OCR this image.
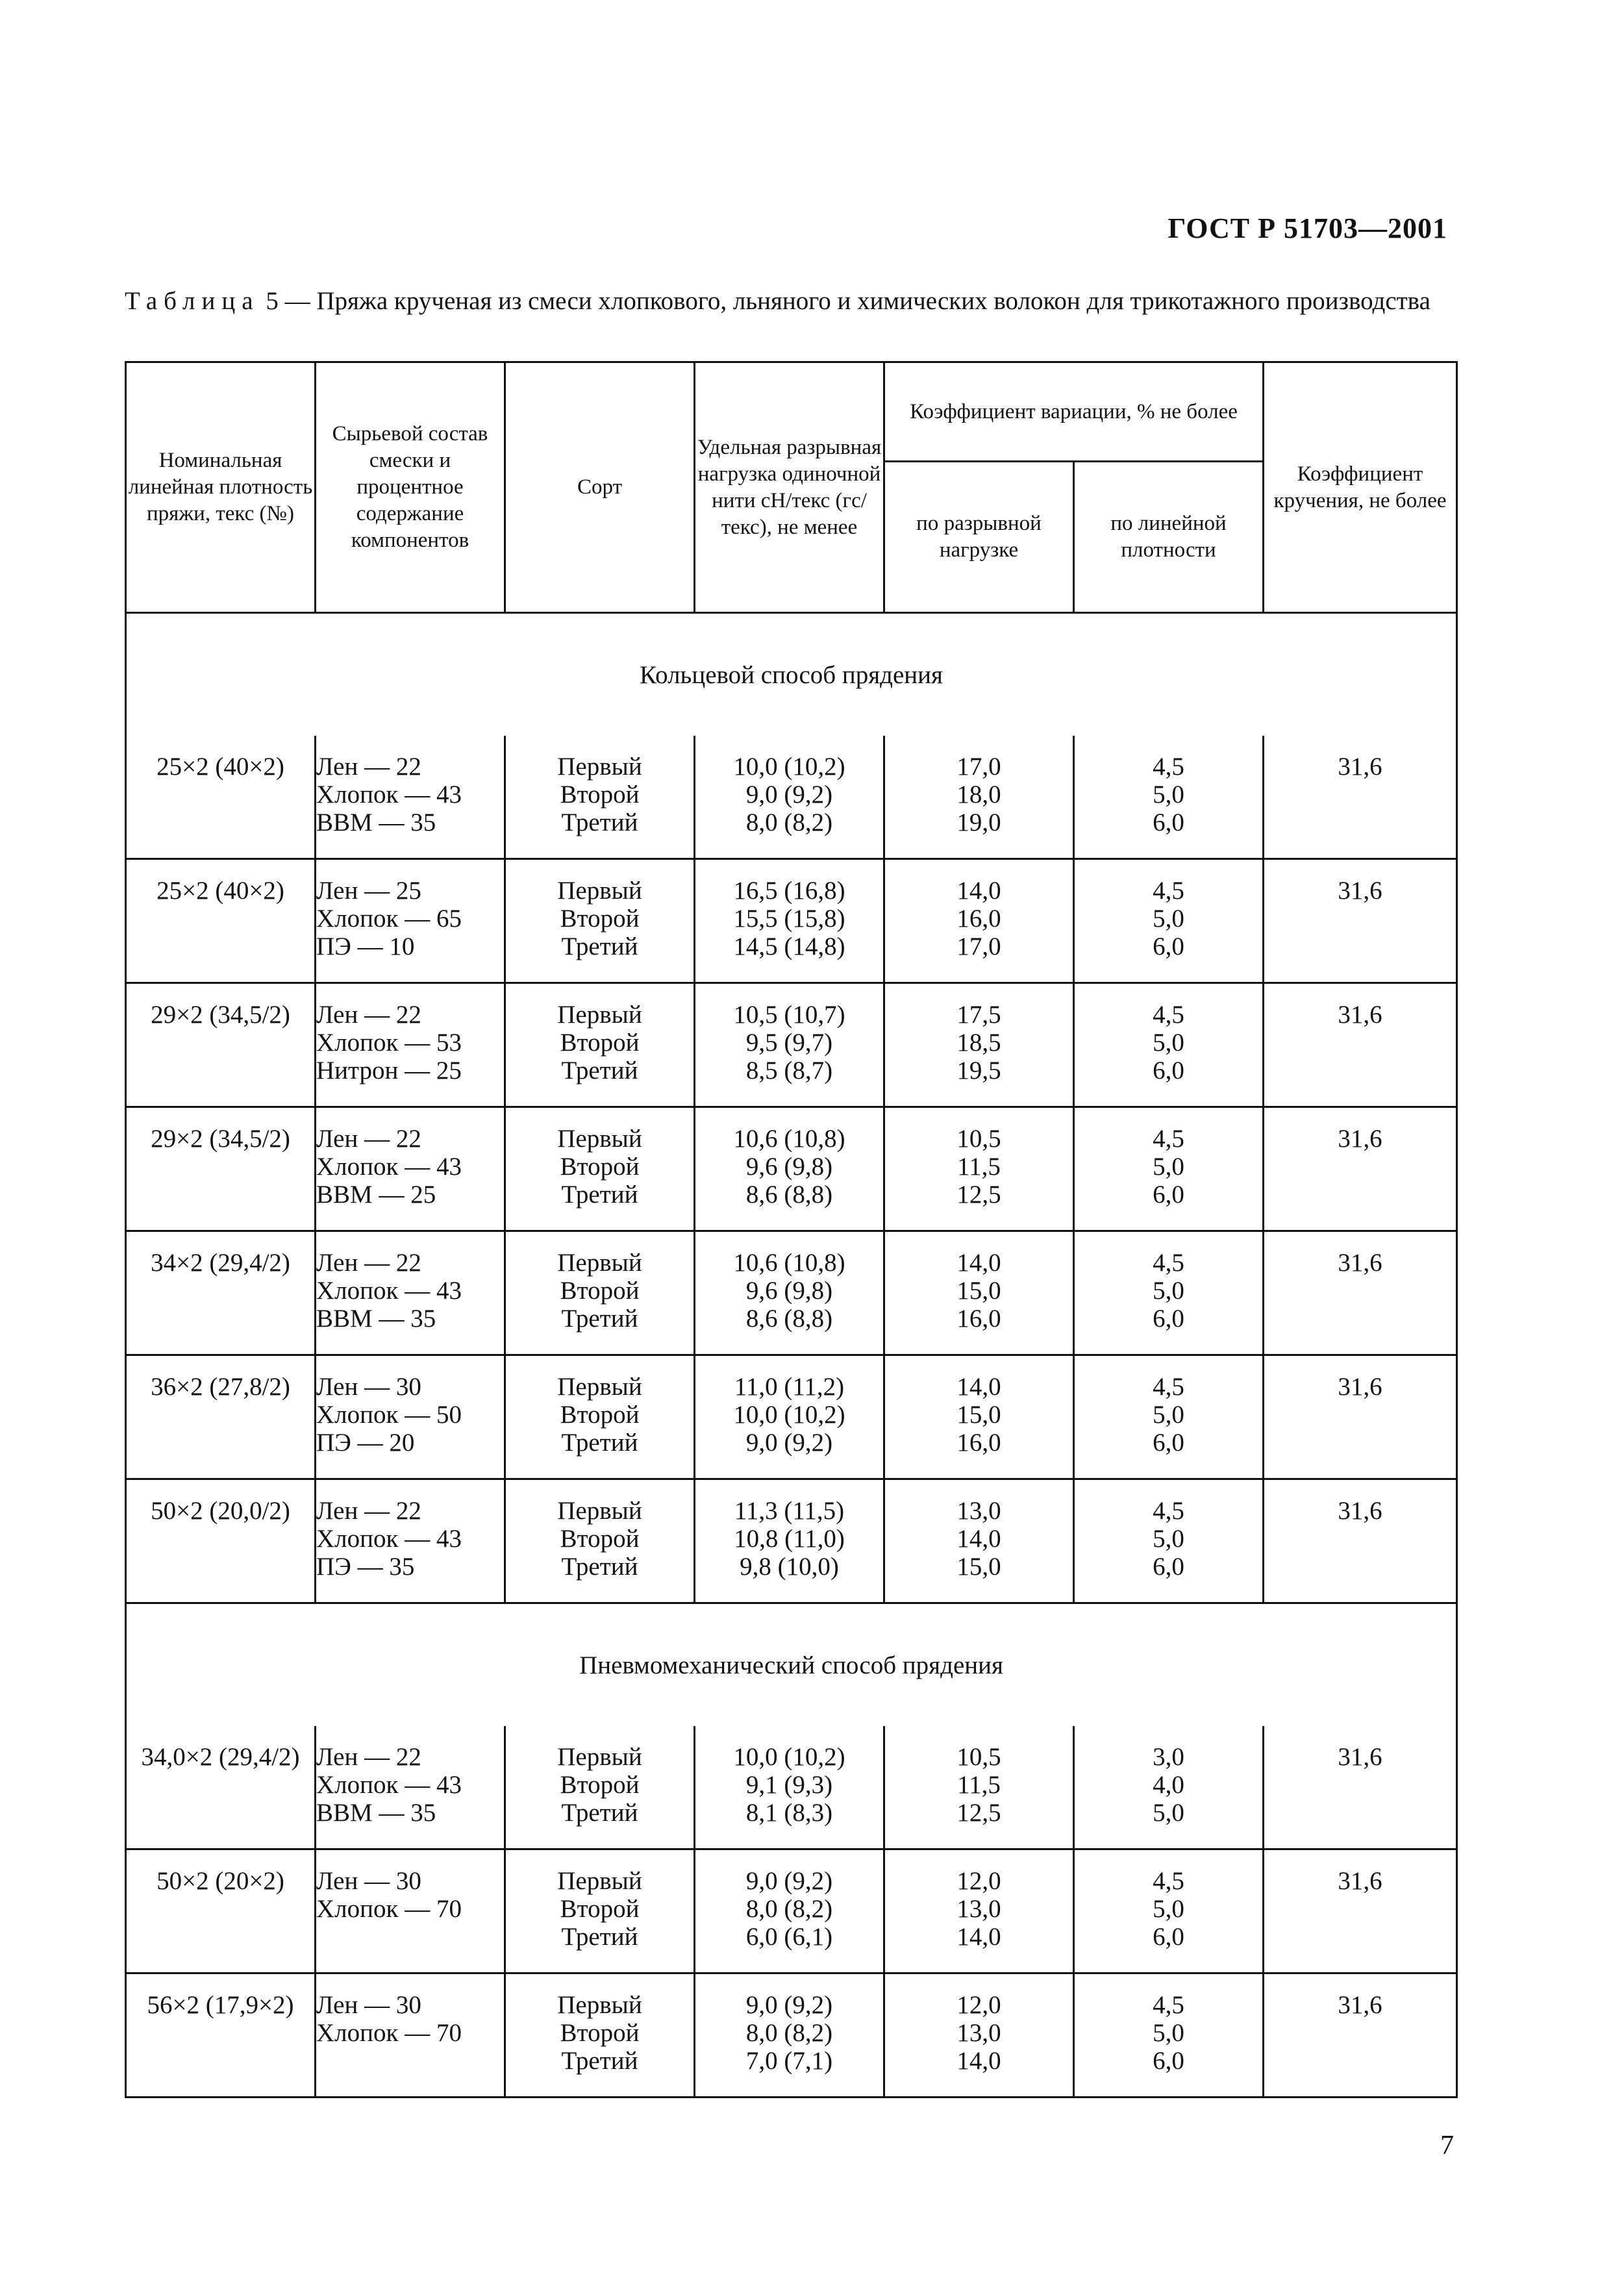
ГОСТ Р 51703—2001
Таблица 5 — Пряжа крученая из смеси хлопкового, льняного и химических волокон для трикотажного производства
Номинальная линейная плотность пряжи, текс (№)	Сырьевой состав смески и процентное содержание компонентов	Сорт	Удельная разрывная нагрузка одиночной нити сН/текс (гс/текс), не менее	Коэффициент вариации, % не более		Коэффициент кручения, не более
				по разрывной нагрузке	по линейной плотности	
Кольцевой способ прядения						
25×2 (40×2)	Лен — 22
Хлопок — 43
ВВМ — 35	Первый
Второй
Третий	10,0 (10,2)
9,0 (9,2)
8,0 (8,2)	17,0
18,0
19,0	4,5
5,0
6,0	31,6
25×2 (40×2)	Лен — 25
Хлопок — 65
ПЭ — 10	Первый
Второй
Третий	16,5 (16,8)
15,5 (15,8)
14,5 (14,8)	14,0
16,0
17,0	4,5
5,0
6,0	31,6
29×2 (34,5/2)	Лен — 22
Хлопок — 53
Нитрон — 25	Первый
Второй
Третий	10,5 (10,7)
9,5 (9,7)
8,5 (8,7)	17,5
18,5
19,5	4,5
5,0
6,0	31,6
29×2 (34,5/2)	Лен — 22
Хлопок — 43
ВВМ — 25	Первый
Второй
Третий	10,6 (10,8)
9,6 (9,8)
8,6 (8,8)	10,5
11,5
12,5	4,5
5,0
6,0	31,6
34×2 (29,4/2)	Лен — 22
Хлопок — 43
ВВМ — 35	Первый
Второй
Третий	10,6 (10,8)
9,6 (9,8)
8,6 (8,8)	14,0
15,0
16,0	4,5
5,0
6,0	31,6
36×2 (27,8/2)	Лен — 30
Хлопок — 50
ПЭ — 20	Первый
Второй
Третий	11,0 (11,2)
10,0 (10,2)
9,0 (9,2)	14,0
15,0
16,0	4,5
5,0
6,0	31,6
50×2 (20,0/2)	Лен — 22
Хлопок — 43
ПЭ — 35	Первый
Второй
Третий	11,3 (11,5)
10,8 (11,0)
9,8 (10,0)	13,0
14,0
15,0	4,5
5,0
6,0	31,6
Пневмомеханический способ прядения						
34,0×2 (29,4/2)	Лен — 22
Хлопок — 43
ВВМ — 35	Первый
Второй
Третий	10,0 (10,2)
9,1 (9,3)
8,1 (8,3)	10,5
11,5
12,5	3,0
4,0
5,0	31,6
50×2 (20×2)	Лен — 30
Хлопок — 70	Первый
Второй
Третий	9,0 (9,2)
8,0 (8,2)
6,0 (6,1)	12,0
13,0
14,0	4,5
5,0
6,0	31,6
56×2 (17,9×2)	Лен — 30
Хлопок — 70	Первый
Второй
Третий	9,0 (9,2)
8,0 (8,2)
7,0 (7,1)	12,0
13,0
14,0	4,5
5,0
6,0	31,6
7
